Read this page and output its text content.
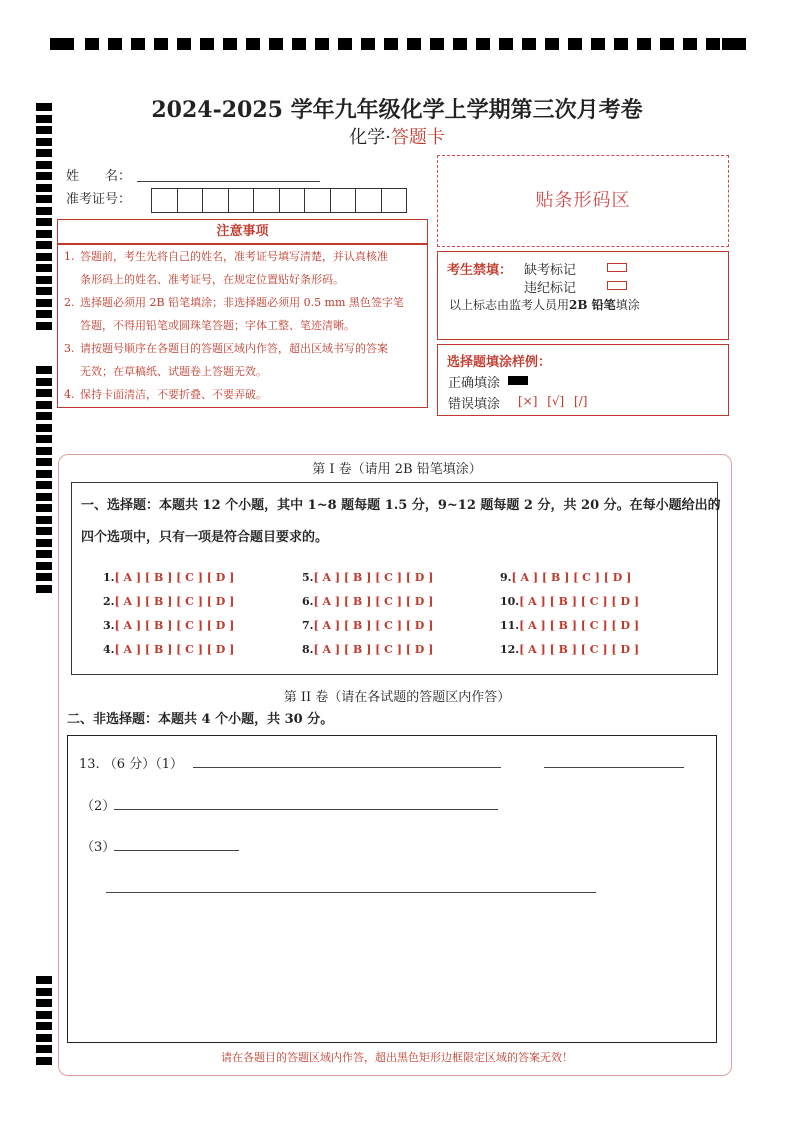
2024-2025 学年九年级化学上学期第三次月考卷
化学·答题卡
姓　　名：
准考证号：	贴条形码区
注意事项
1. 答题前，考生先将自己的姓名，准考证号填写清楚，并认真核准
条形码上的姓名、准考证号，在规定位置贴好条形码。
2. 选择题必须用 2B 铅笔填涂；非选择题必须用 0.5 mm 黑色签字笔
答题，不得用铅笔或圆珠笔答题；字体工整、笔迹清晰。
3. 请按题号顺序在各题目的答题区域内作答，超出区域书写的答案
无效；在草稿纸、试题卷上答题无效。
4. 保持卡面清洁，不要折叠、不要弄破。
考生禁填： 缺考标记
违纪标记
以上标志由监考人员用2B 铅笔填涂
选择题填涂样例：
正确填涂
错误填涂 [×] [√] [/]
第 I 卷（请用 2B 铅笔填涂）
一、选择题：本题共 12 个小题，其中 1~8 题每题 1.5 分，9~12 题每题 2 分，共 20 分。在每小题给出的
四个选项中，只有一项是符合题目要求的。
1.[ A ] [ B ] [ C ] [ D ]
2.[ A ] [ B ] [ C ] [ D ]
3.[ A ] [ B ] [ C ] [ D ]
4.[ A ] [ B ] [ C ] [ D ]
5.[ A ] [ B ] [ C ] [ D ]
6.[ A ] [ B ] [ C ] [ D ]
7.[ A ] [ B ] [ C ] [ D ]
8.[ A ] [ B ] [ C ] [ D ]
9.[ A ] [ B ] [ C ] [ D ]
10.[ A ] [ B ] [ C ] [ D ]
11.[ A ] [ B ] [ C ] [ D ]
12.[ A ] [ B ] [ C ] [ D ]
第 II 卷（请在各试题的答题区内作答）
二、非选择题：本题共 4 个小题，共 30 分。
13. （6 分）（1）
（2）
（3）
请在各题目的答题区域内作答，超出黑色矩形边框限定区域的答案无效！
